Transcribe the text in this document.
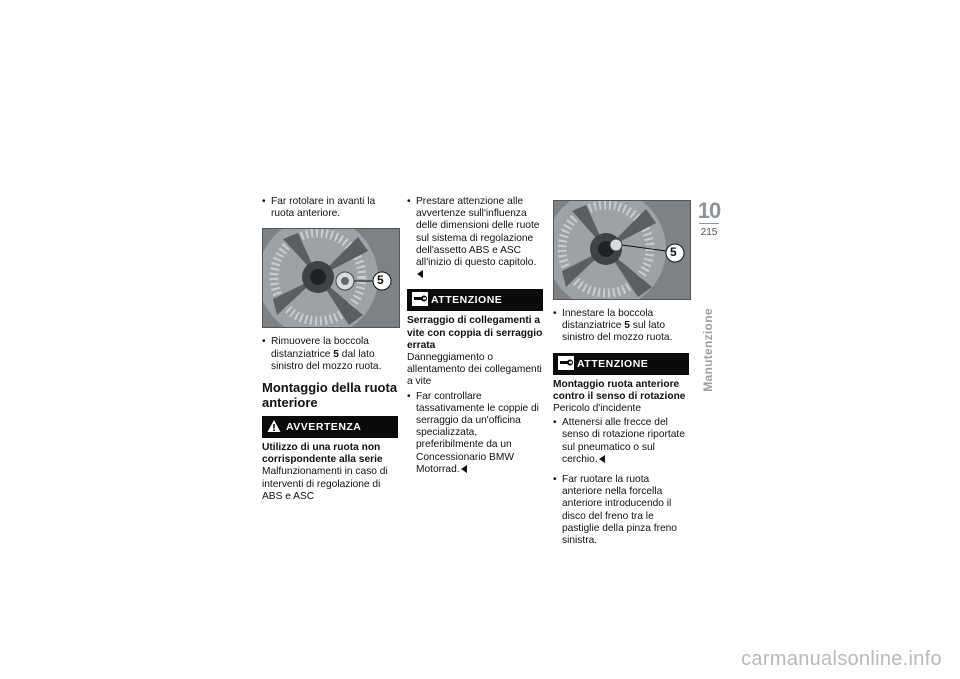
• Far rotolare in avanti la ruota anteriore.
5
• Rimuovere la boccola distanziatrice 5 dal lato sinistro del mozzo ruota.
Montaggio della ruota anteriore
AVVERTENZA

Utilizzo di una ruota non corrispondente alla serie

Malfunzionamenti in caso di interventi di regolazione di ABS e ASC

• Prestare attenzione alle avvertenze sull'influenza delle dimensioni delle ruote sul sistema di regolazione dell'assetto ABS e ASC all'inizio di questo capitolo.
ATTENZIONE

Serraggio di collegamenti a vite con coppia di serraggio errata

Danneggiamento o allentamento dei collegamenti a vite

• Far controllare tassativamente le coppie di serraggio da un'officina specializzata, preferibilmente da un Concessionario BMW Motorrad.
5
• Innestare la boccola distanziatrice 5 sul lato sinistro del mozzo ruota.
ATTENZIONE

Montaggio ruota anteriore contro il senso di rotazione

Pericolo d'incidente

• Attenersi alle frecce del senso di rotazione riportate sul pneumatico o sul cerchio.
• Far ruotare la ruota anteriore nella forcella anteriore introducendo il disco del freno tra le pastiglie della pinza freno sinistra.
10
215
Manutenzione
carmanualsonline.info
